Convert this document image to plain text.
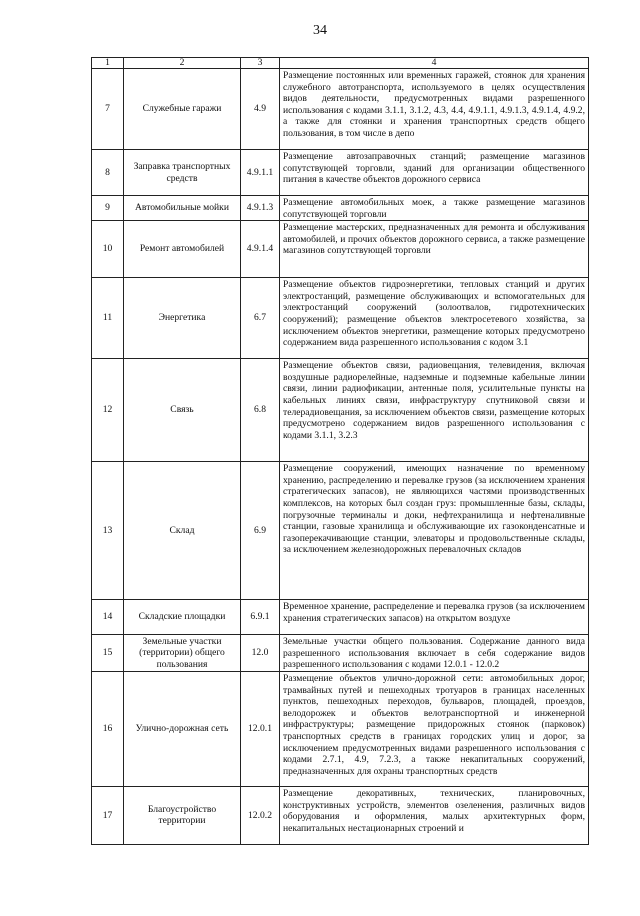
34
1	2	3	4
7	Служебные гаражи	4.9	Размещение постоянных или временных гаражей, стоянок для хранения служебного автотранспорта, используемого в целях осуществления видов деятельности, предусмотренных видами разрешенного использования с кодами 3.1.1, 3.1.2, 4.3, 4.4, 4.9.1.1, 4.9.1.3, 4.9.1.4, 4.9.2, а также для стоянки и хранения транспортных средств общего пользования, в том числе в депо
8	Заправка транспортных средств	4.9.1.1	Размещение автозаправочных станций; размещение магазинов сопутствующей торговли, зданий для организации общественного питания в качестве объектов дорожного сервиса
9	Автомобильные мойки	4.9.1.3	Размещение автомобильных моек, а также размещение магазинов сопутствующей торговли
10	Ремонт автомобилей	4.9.1.4	Размещение мастерских, предназначенных для ремонта и обслуживания автомобилей, и прочих объектов дорожного сервиса, а также размещение магазинов сопутствующей торговли
11	Энергетика	6.7	Размещение объектов гидроэнергетики, тепловых станций и других электростанций, размещение обслуживающих и вспомогательных для электростанций сооружений (золоотвалов, гидротехнических сооружений); размещение объектов электросетевого хозяйства, за исключением объектов энергетики, размещение которых предусмотрено содержанием вида разрешенного использования с кодом 3.1
12	Связь	6.8	Размещение объектов связи, радиовещания, телевидения, включая воздушные радиорелейные, надземные и подземные кабельные линии связи, линии радиофикации, антенные поля, усилительные пункты на кабельных линиях связи, инфраструктуру спутниковой связи и телерадиовещания, за исключением объектов связи, размещение которых предусмотрено содержанием видов разрешенного использования с кодами 3.1.1, 3.2.3
13	Склад	6.9	Размещение сооружений, имеющих назначение по временному хранению, распределению и перевалке грузов (за исключением хранения стратегических запасов), не являющихся частями производственных комплексов, на которых был создан груз: промышленные базы, склады, погрузочные терминалы и доки, нефтехранилища и нефтеналивные станции, газовые хранилища и обслуживающие их газоконденсатные и газоперекачивающие станции, элеваторы и продовольственные склады, за исключением железнодорожных перевалочных складов
14	Складские площадки	6.9.1	Временное хранение, распределение и перевалка грузов (за исключением хранения стратегических запасов) на открытом воздухе
15	Земельные участки (территории) общего пользования	12.0	Земельные участки общего пользования. Содержание данного вида разрешенного использования включает в себя содержание видов разрешенного использования с кодами 12.0.1 - 12.0.2
16	Улично-дорожная сеть	12.0.1	Размещение объектов улично-дорожной сети: автомобильных дорог, трамвайных путей и пешеходных тротуаров в границах населенных пунктов, пешеходных переходов, бульваров, площадей, проездов, велодорожек и объектов велотранспортной и инженерной инфраструктуры; размещение придорожных стоянок (парковок) транспортных средств в границах городских улиц и дорог, за исключением предусмотренных видами разрешенного использования с кодами 2.7.1, 4.9, 7.2.3, а также некапитальных сооружений, предназначенных для охраны транспортных средств
17	Благоустройство территории	12.0.2	Размещение декоративных, технических, планировочных, конструктивных устройств, элементов озеленения, различных видов оборудования и оформления, малых архитектурных форм, некапитальных нестационарных строений и
